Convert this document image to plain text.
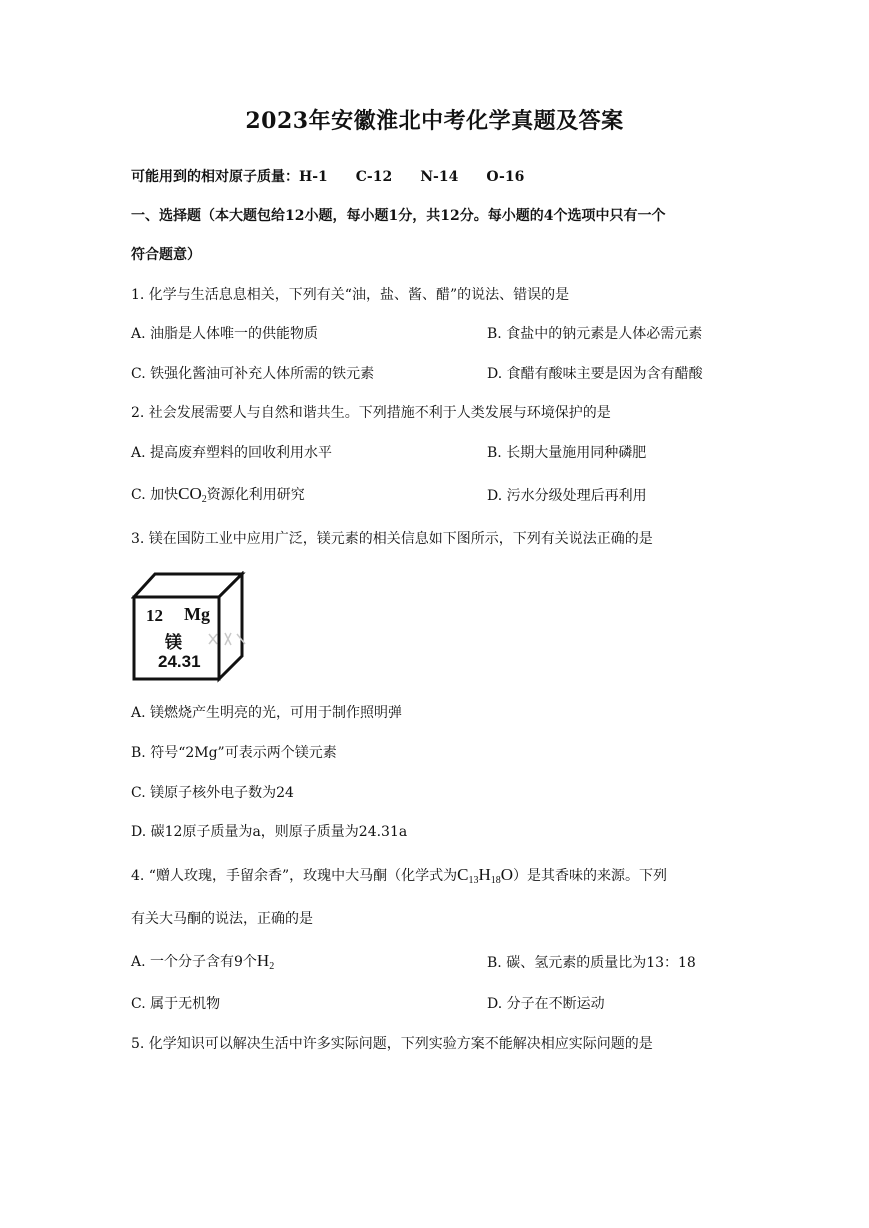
2023年安徽淮北中考化学真题及答案
可能用到的相对原子质量：H-1 C-12 N-14 O-16
一、选择题（本大题包给12小题，每小题1分，共12分。每小题的4个选项中只有一个
符合题意）
1. 化学与生活息息相关，下列有关“油，盐、酱、醋”的说法、错误的是
A. 油脂是人体唯一的供能物质	B. 食盐中的钠元素是人体必需元素
C. 铁强化酱油可补充人体所需的铁元素	D. 食醋有酸味主要是因为含有醋酸
2. 社会发展需要人与自然和谐共生。下列措施不利于人类发展与环境保护的是
A. 提高废弃塑料的回收利用水平	B. 长期大量施用同种磷肥
C. 加快$CO_2$资源化利用研究	D. 污水分级处理后再利用
3. 镁在国防工业中应用广泛，镁元素的相关信息如下图所示，下列有关说法正确的是
12 Mg
镁
24.31
A. 镁燃烧产生明亮的光，可用于制作照明弹
B. 符号“2Mg”可表示两个镁元素
C. 镁原子核外电子数为24
D. 碳12原子质量为a，则原子质量为24.31a
4. “赠人玫瑰，手留余香”，玫瑰中大马酮（化学式为$C_{13}H_{18}O$）是其香味的来源。下列
有关大马酮的说法，正确的是
A. 一个分子含有9个$H_2$	B. 碳、氢元素的质量比为13：18
C. 属于无机物	D. 分子在不断运动
5. 化学知识可以解决生活中许多实际问题，下列实验方案不能解决相应实际问题的是
